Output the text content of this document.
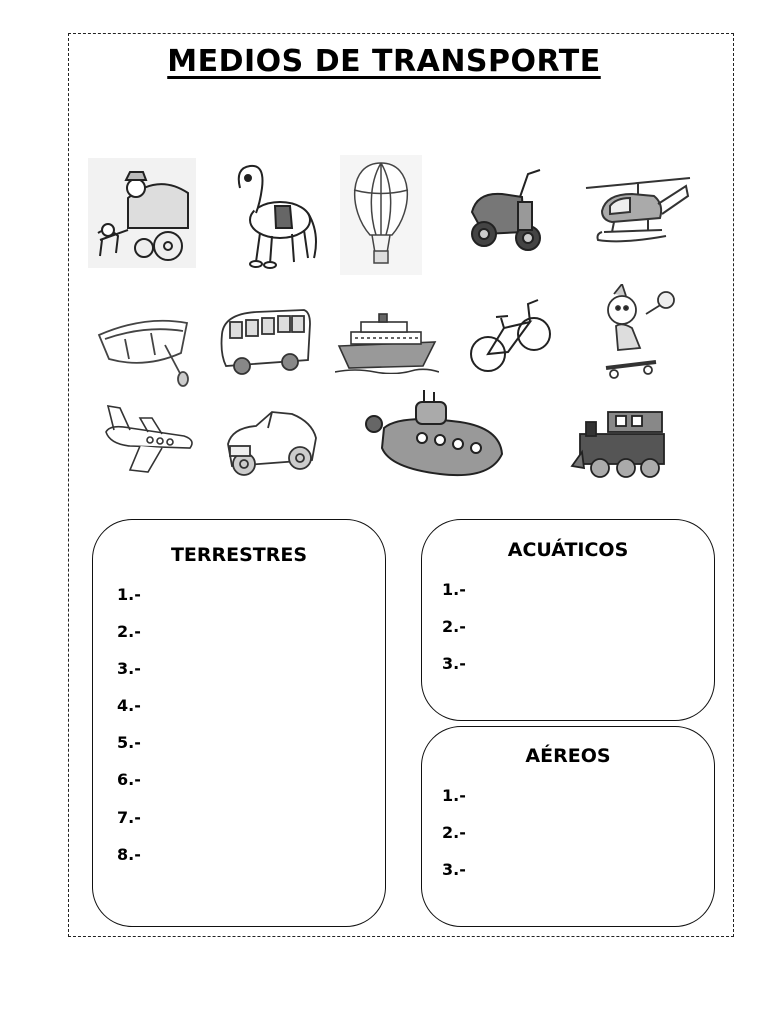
MEDIOS DE TRANSPORTE
TERRESTRES
1.-
2.-
3.-
4.-
5.-
6.-
7.-
8.-
ACUÁTICOS
1.-
2.-
3.-
AÉREOS
1.-
2.-
3.-
